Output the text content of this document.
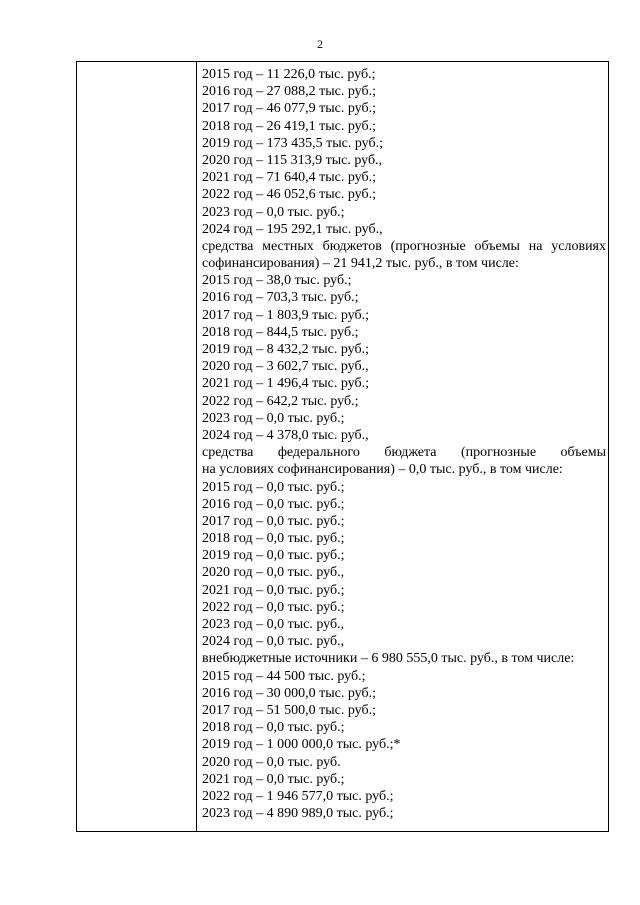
2
2015 год – 11 226,0 тыс. руб.;
2016 год – 27 088,2 тыс. руб.;
2017 год – 46 077,9 тыс. руб.;
2018 год – 26 419,1 тыс. руб.;
2019 год – 173 435,5 тыс. руб.;
2020 год – 115 313,9 тыс. руб.,
2021 год – 71 640,4 тыс. руб.;
2022 год – 46 052,6 тыс. руб.;
2023 год – 0,0 тыс. руб.;
2024 год – 195 292,1 тыс. руб.,
средства местных бюджетов (прогнозные объемы на условиях
софинансирования) – 21 941,2 тыс. руб., в том числе:
2015 год – 38,0 тыс. руб.;
2016 год – 703,3 тыс. руб.;
2017 год – 1 803,9 тыс. руб.;
2018 год – 844,5 тыс. руб.;
2019 год – 8 432,2 тыс. руб.;
2020 год – 3 602,7 тыс. руб.,
2021 год – 1 496,4 тыс. руб.;
2022 год – 642,2 тыс. руб.;
2023 год – 0,0 тыс. руб.;
2024 год – 4 378,0 тыс. руб.,
средства федерального бюджета (прогнозные объемы
на условиях софинансирования) – 0,0 тыс. руб., в том числе:
2015 год – 0,0 тыс. руб.;
2016 год – 0,0 тыс. руб.;
2017 год – 0,0 тыс. руб.;
2018 год – 0,0 тыс. руб.;
2019 год – 0,0 тыс. руб.;
2020 год – 0,0 тыс. руб.,
2021 год – 0,0 тыс. руб.;
2022 год – 0,0 тыс. руб.;
2023 год – 0,0 тыс. руб.,
2024 год – 0,0 тыс. руб.,
внебюджетные источники – 6 980 555,0 тыс. руб., в том числе:
2015 год – 44 500 тыс. руб.;
2016 год – 30 000,0 тыс. руб.;
2017 год – 51 500,0 тыс. руб.;
2018 год – 0,0 тыс. руб.;
2019 год – 1 000 000,0 тыс. руб.;*
2020 год – 0,0 тыс. руб.
2021 год – 0,0 тыс. руб.;
2022 год – 1 946 577,0 тыс. руб.;
2023 год – 4 890 989,0 тыс. руб.;
